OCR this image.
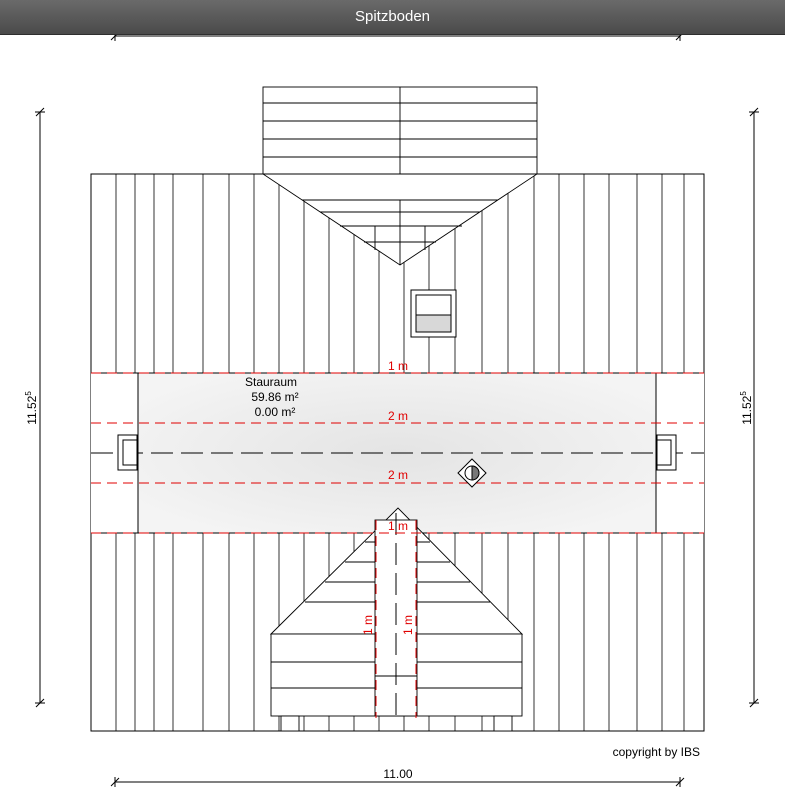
1 m
2 m
2 m
1 m
1 m 1 m
Stauraum
59.86 m²
0.00 m²
11.00
11.52$^5$
11.52$^5$
copyright by IBS
Spitzboden
